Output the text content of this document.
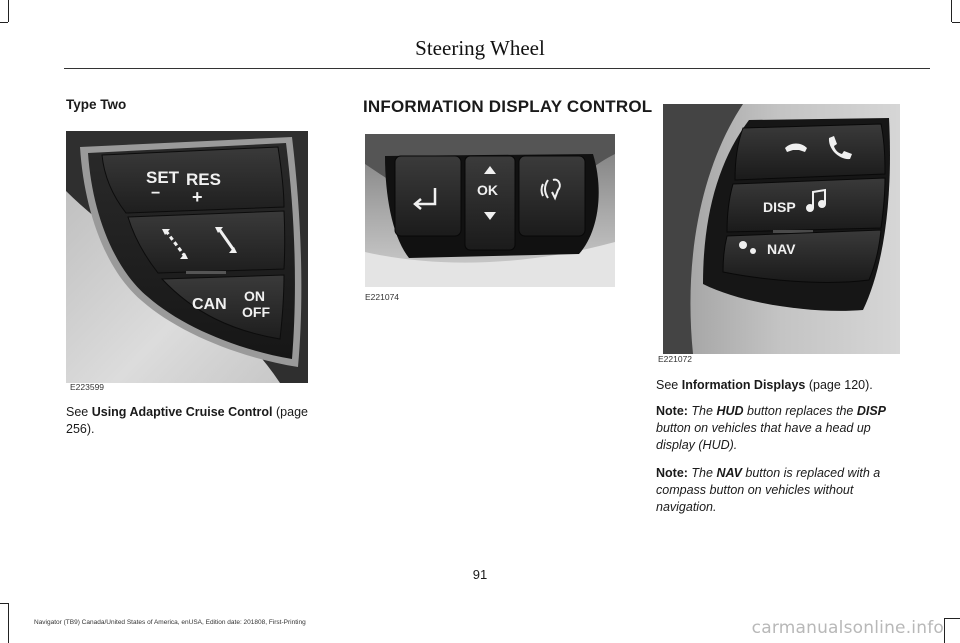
Steering Wheel
Type Two
SET
−
RES
+
CAN ON
OFF
E223599
See Using Adaptive Cruise Control (page
256).
INFORMATION DISPLAY CONTROL
OK
E221074
DISP
NAV
E221072
See Information Displays (page 120).
Note: The HUD button replaces the DISP
button on vehicles that have a head up
display (HUD).
Note: The NAV button is replaced with a
compass button on vehicles without
navigation.
91
Navigator (TB9) Canada/United States of America, enUSA, Edition date: 201808, First-Printing	carmanualsonline.info
